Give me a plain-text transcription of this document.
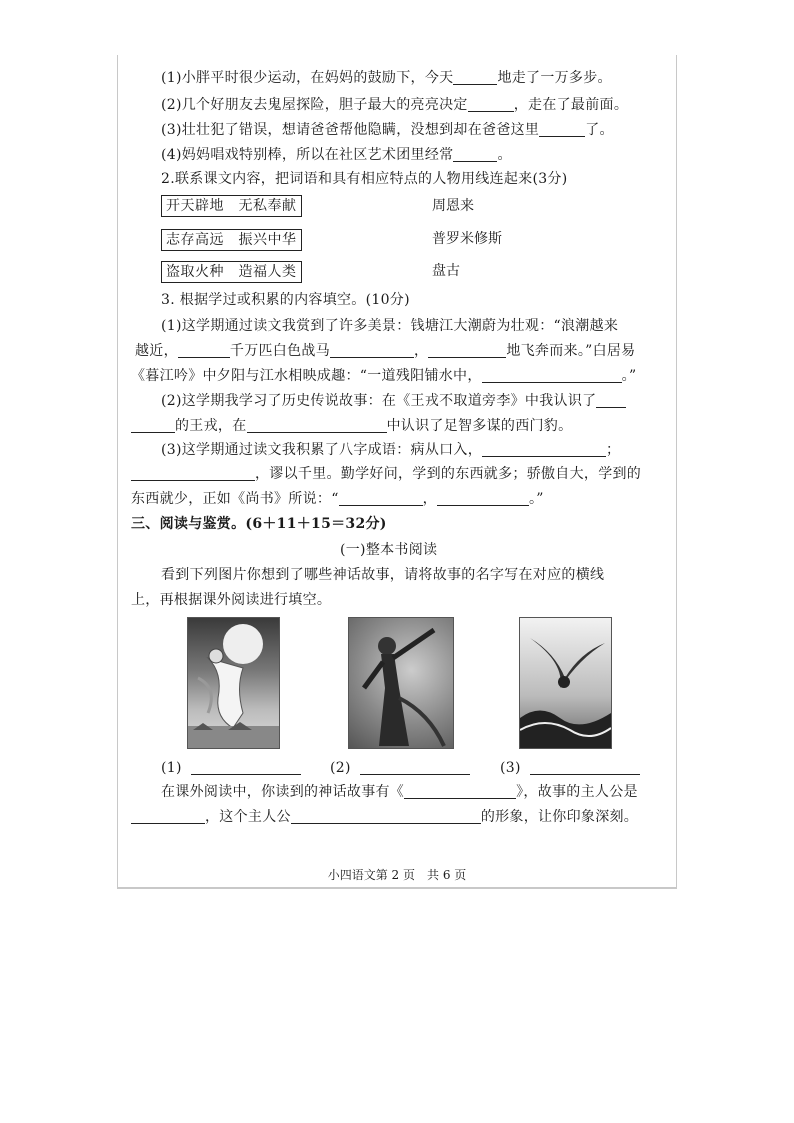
(1)小胖平时很少运动，在妈妈的鼓励下，今天	地走了一万多步。
(2)几个好朋友去鬼屋探险，胆子最大的亮亮决定	，走在了最前面。
(3)壮壮犯了错误，想请爸爸帮他隐瞒，没想到却在爸爸这里	了。
(4)妈妈唱戏特别棒，所以在社区艺术团里经常	。
2.联系课文内容，把词语和具有相应特点的人物用线连起来(3分)
开天辟地　无私奉献
志存高远　振兴中华
盗取火种　造福人类
周恩来
普罗米修斯
盘古
3. 根据学过或积累的内容填空。(10分)
(1)这学期通过读文我赏到了许多美景：钱塘江大潮蔚为壮观：“浪潮越来
越近，	千万匹白色战马	，	地飞奔而来。”白居易
《暮江吟》中夕阳与江水相映成趣：“一道残阳铺水中，	。”
(2)这学期我学习了历史传说故事：在《王戎不取道旁李》中我认识了
的王戎，在	中认识了足智多谋的西门豹。
(3)这学期通过读文我积累了八字成语：病从口入，	；
，谬以千里。勤学好问，学到的东西就多；骄傲自大，学到的
东西就少，正如《尚书》所说：“	，	。”
三、阅读与鉴赏。(6＋11＋15＝32分)
(一)整本书阅读
看到下列图片你想到了哪些神话故事，请将故事的名字写在对应的横线
上，再根据课外阅读进行填空。
(1)	(2)	(3)
在课外阅读中，你读到的神话故事有《	》，故事的主人公是
，这个主人公	的形象，让你印象深刻。
小四语文第 2 页　共 6 页
